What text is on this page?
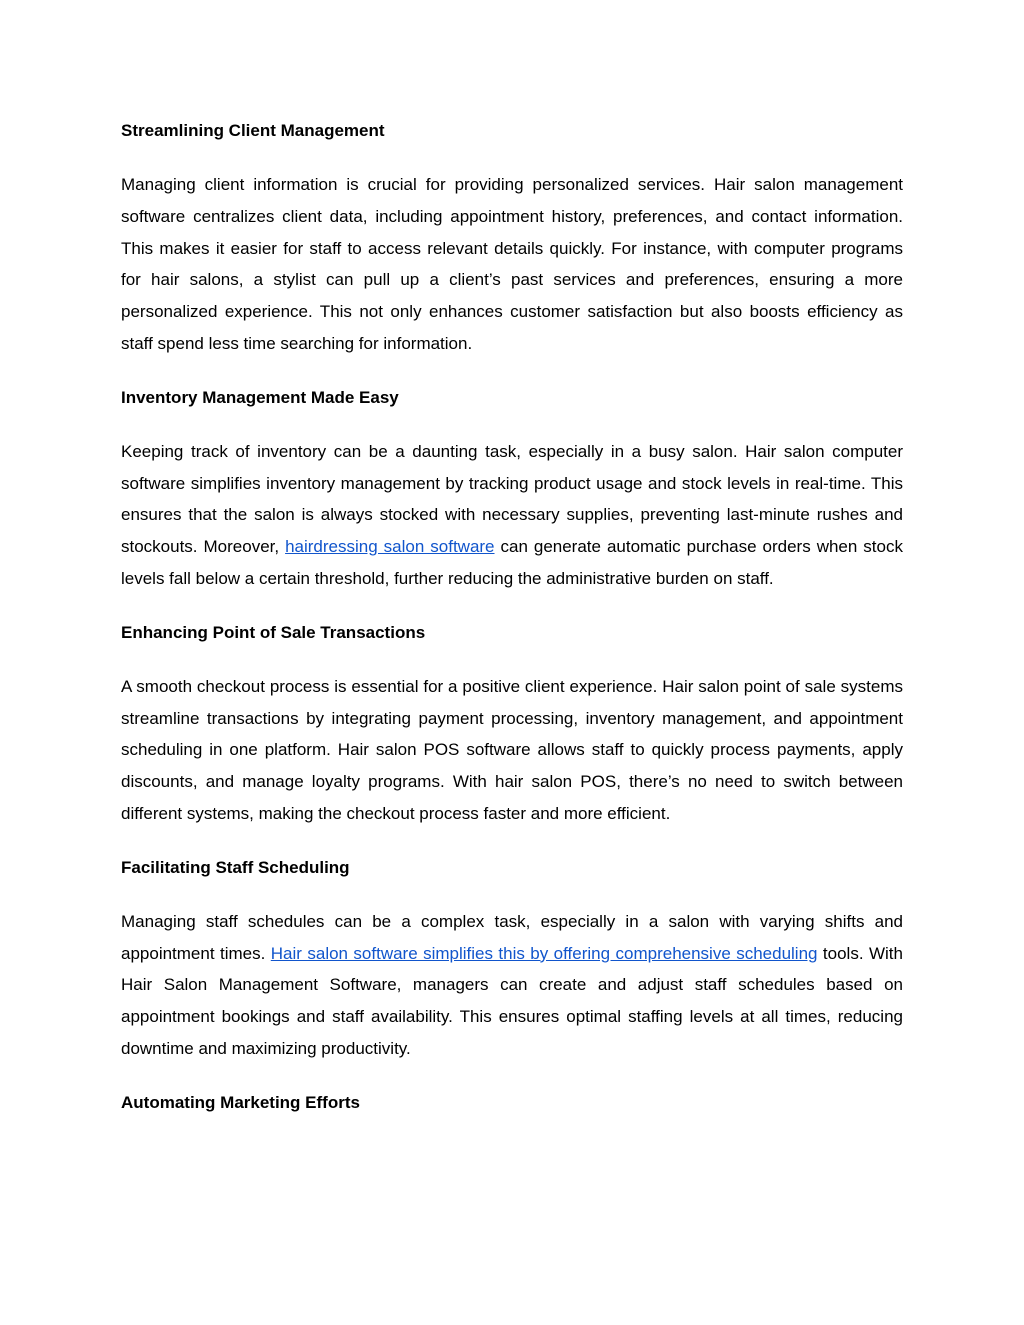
Streamlining Client Management

Managing client information is crucial for providing personalized services. Hair salon management software centralizes client data, including appointment history, preferences, and contact information. This makes it easier for staff to access relevant details quickly. For instance, with computer programs for hair salons, a stylist can pull up a client’s past services and preferences, ensuring a more personalized experience. This not only enhances customer satisfaction but also boosts efficiency as staff spend less time searching for information.

Inventory Management Made Easy

Keeping track of inventory can be a daunting task, especially in a busy salon. Hair salon computer software simplifies inventory management by tracking product usage and stock levels in real-time. This ensures that the salon is always stocked with necessary supplies, preventing last-minute rushes and stockouts. Moreover, hairdressing salon software can generate automatic purchase orders when stock levels fall below a certain threshold, further reducing the administrative burden on staff.

Enhancing Point of Sale Transactions

A smooth checkout process is essential for a positive client experience. Hair salon point of sale systems streamline transactions by integrating payment processing, inventory management, and appointment scheduling in one platform. Hair salon POS software allows staff to quickly process payments, apply discounts, and manage loyalty programs. With hair salon POS, there’s no need to switch between different systems, making the checkout process faster and more efficient.

Facilitating Staff Scheduling

Managing staff schedules can be a complex task, especially in a salon with varying shifts and appointment times. Hair salon software simplifies this by offering comprehensive scheduling tools. With Hair Salon Management Software, managers can create and adjust staff schedules based on appointment bookings and staff availability. This ensures optimal staffing levels at all times, reducing downtime and maximizing productivity.

Automating Marketing Efforts
